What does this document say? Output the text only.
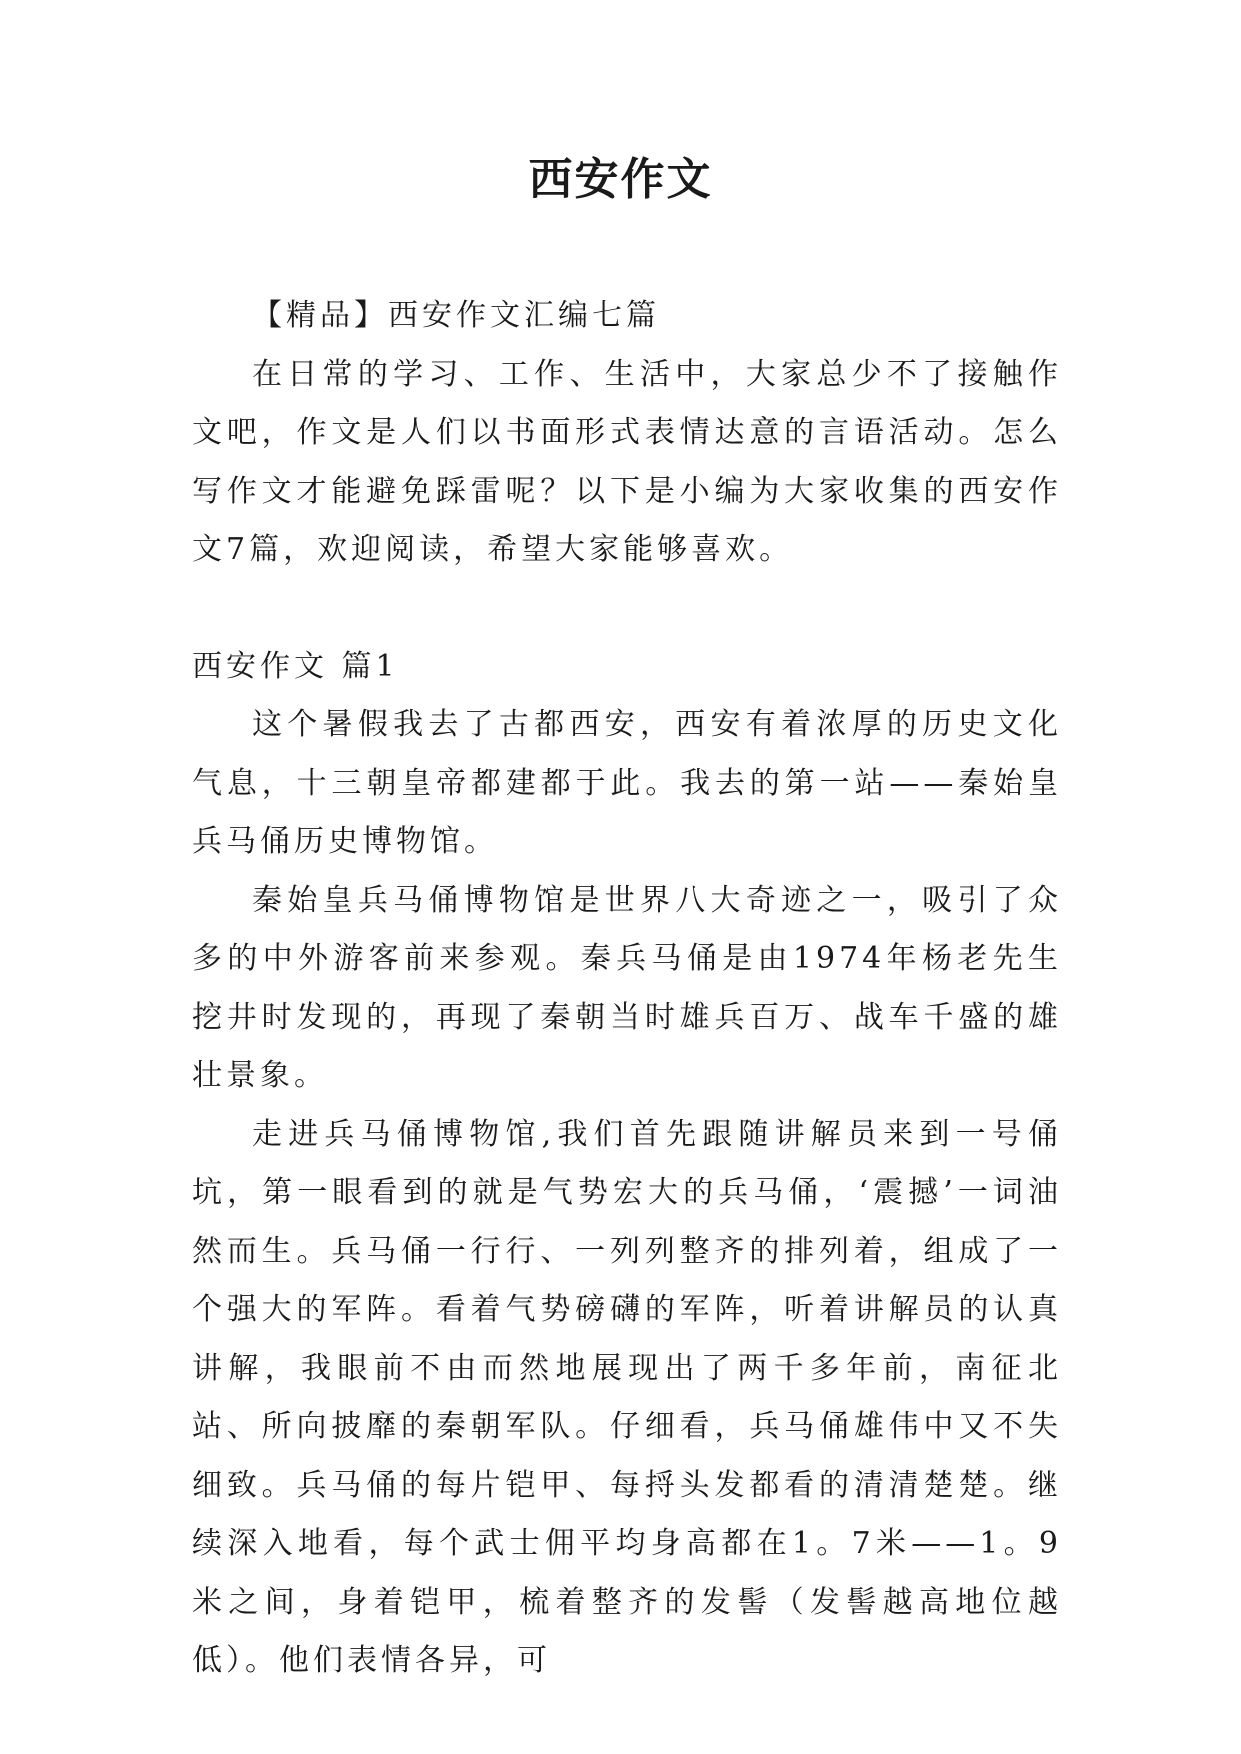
西安作文

【精品】西安作文汇编七篇

在日常的学习、工作、生活中，大家总少不了接触作文吧，作文是人们以书面形式表情达意的言语活动。怎么写作文才能避免踩雷呢？以下是小编为大家收集的西安作文7篇，欢迎阅读，希望大家能够喜欢。

西安作文 篇1

这个暑假我去了古都西安，西安有着浓厚的历史文化气息，十三朝皇帝都建都于此。我去的第一站——秦始皇兵马俑历史博物馆。

秦始皇兵马俑博物馆是世界八大奇迹之一，吸引了众多的中外游客前来参观。秦兵马俑是由1974年杨老先生挖井时发现的，再现了秦朝当时雄兵百万、战车千盛的雄壮景象。

走进兵马俑博物馆,我们首先跟随讲解员来到一号俑坑，第一眼看到的就是气势宏大的兵马俑，‘震撼’一词油然而生。兵马俑一行行、一列列整齐的排列着，组成了一个强大的军阵。看着气势磅礴的军阵，听着讲解员的认真讲解，我眼前不由而然地展现出了两千多年前，南征北站、所向披靡的秦朝军队。仔细看，兵马俑雄伟中又不失细致。兵马俑的每片铠甲、每捋头发都看的清清楚楚。继续深入地看，每个武士佣平均身高都在1。7米——1。9米之间，身着铠甲，梳着整齐的发髻（发髻越高地位越低）。他们表情各异，可
